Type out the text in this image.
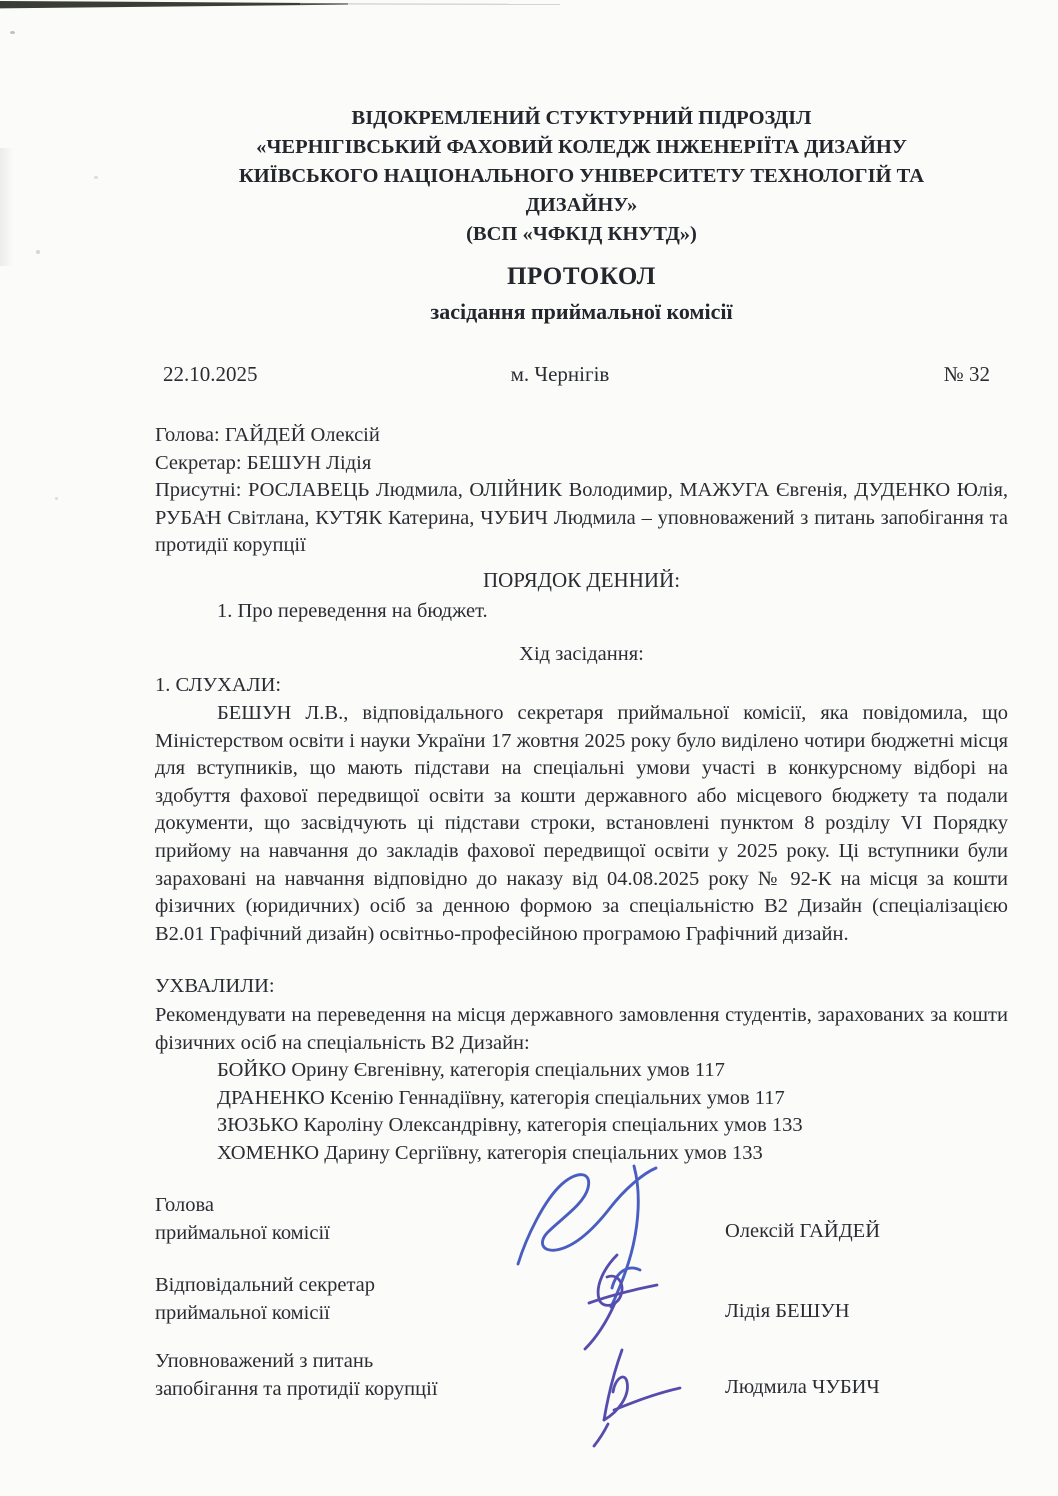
ВІДОКРЕМЛЕНИЙ СТУКТУРНИЙ ПІДРОЗДІЛ
«ЧЕРНІГІВСЬКИЙ ФАХОВИЙ КОЛЕДЖ ІНЖЕНЕРІЇТА ДИЗАЙНУ
КИЇВСЬКОГО НАЦІОНАЛЬНОГО УНІВЕРСИТЕТУ ТЕХНОЛОГІЙ ТА
ДИЗАЙНУ»
(ВСП «ЧФКІД КНУТД»)
ПРОТОКОЛ
засідання приймальної комісії
22.10.2025	м. Чернігів	№ 32

Голова: ГАЙДЕЙ Олексій

Секретар: БЕШУН Лідія

Присутні: РОСЛАВЕЦЬ Людмила, ОЛІЙНИК Володимир, МАЖУГА Євгенія, ДУДЕНКО Юлія, РУБАН Світлана, КУТЯК Катерина, ЧУБИЧ Людмила – уповноважений з питань запобігання та протидії корупції

ПОРЯДОК ДЕННИЙ:

1. Про переведення на бюджет.

Хід засідання:

1. СЛУХАЛИ:

БЕШУН Л.В., відповідального секретаря приймальної комісії, яка повідомила, що Міністерством освіти і науки України 17 жовтня 2025 року було виділено чотири бюджетні місця для вступників, що мають підстави на спеціальні умови участі в конкурсному відборі на здобуття фахової передвищої освіти за кошти державного або місцевого бюджету та подали документи, що засвідчують ці підстави строки, встановлені пунктом 8 розділу VI Порядку прийому на навчання до закладів фахової передвищої освіти у 2025 року. Ці вступники були зараховані на навчання відповідно до наказу від 04.08.2025 року № 92-К на місця за кошти фізичних (юридичних) осіб за денною формою за спеціальністю В2 Дизайн (спеціалізацією В2.01 Графічний дизайн) освітньо-професійною програмою Графічний дизайн.

УХВАЛИЛИ:

Рекомендувати на переведення на місця державного замовлення студентів, зарахованих за кошти фізичних осіб на спеціальність В2 Дизайн:

БОЙКО Орину Євгенівну, категорія спеціальних умов 117

ДРАНЕНКО Ксенію Геннадіївну, категорія спеціальних умов 117

ЗЮЗЬКО Кароліну Олександрівну, категорія спеціальних умов 133

ХОМЕНКО Дарину Сергіївну, категорія спеціальних умов 133

Голова
приймальної комісії	Олексій ГАЙДЕЙ
Відповідальний секретар
приймальної комісії	Лідія БЕШУН
Уповноважений з питань
запобігання та протидії корупції	Людмила ЧУБИЧ
